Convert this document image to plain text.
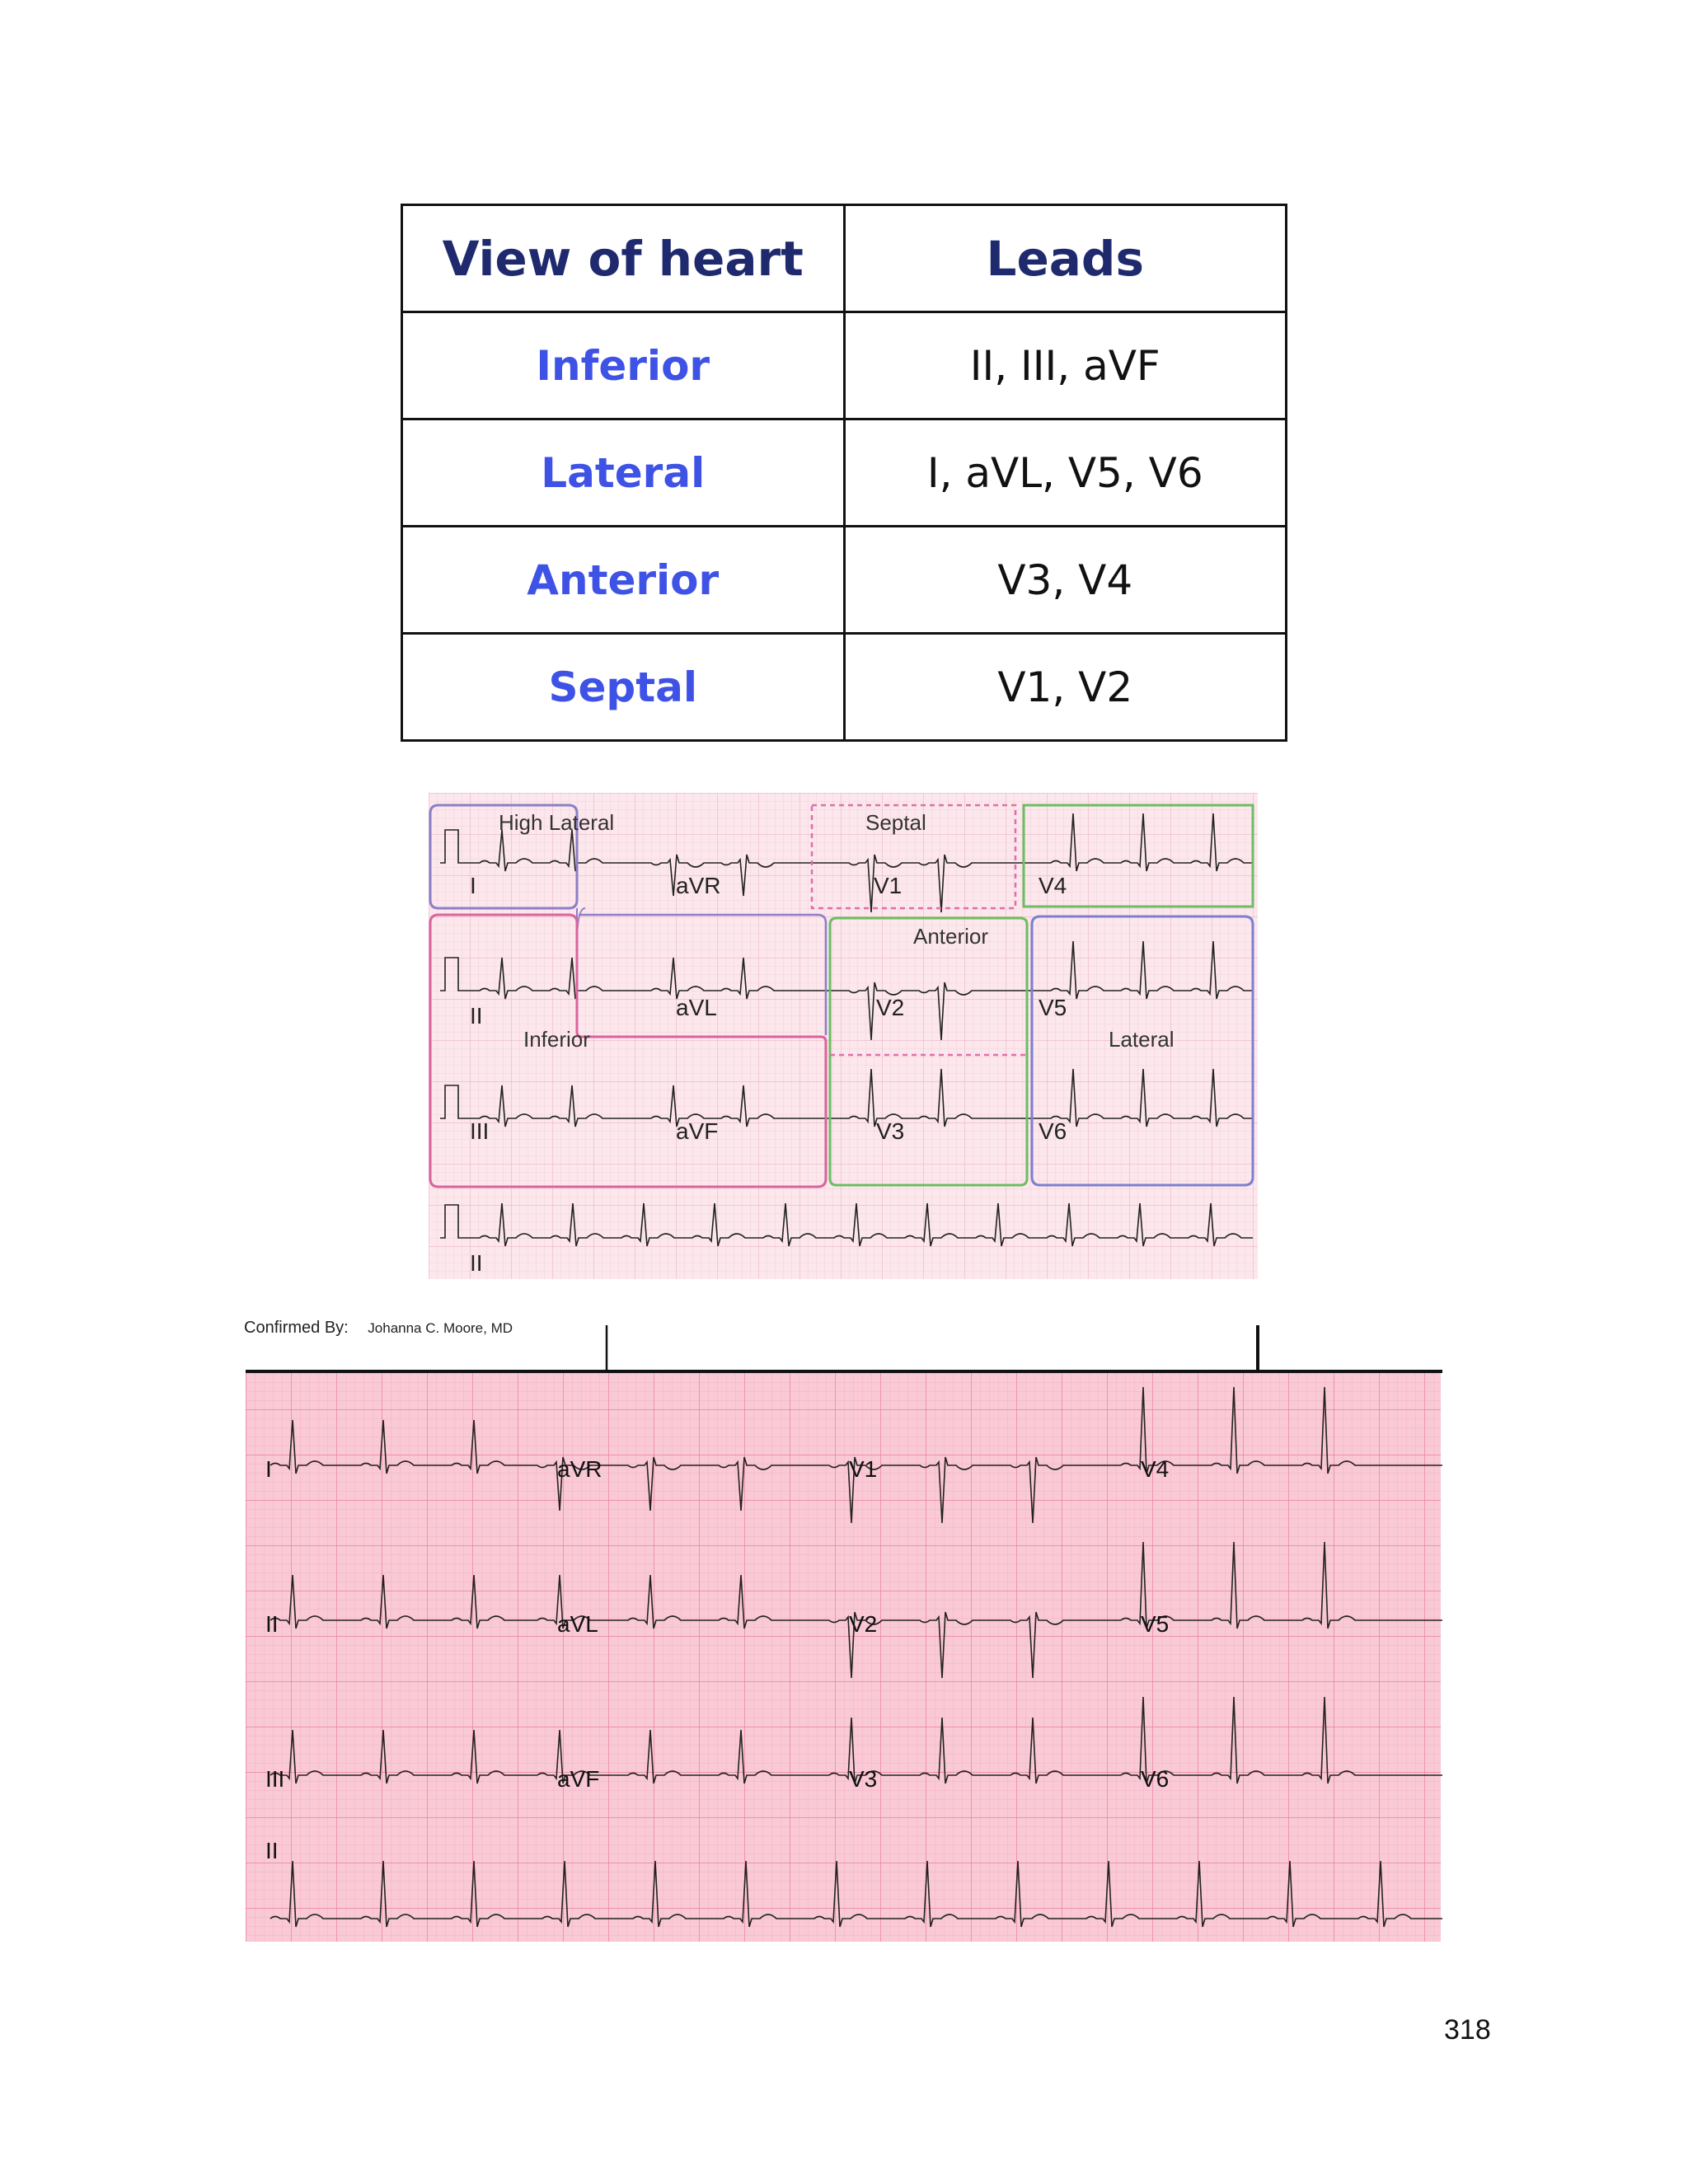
View of heart	Leads
Inferior	II, III, aVF
Lateral	I, aVL, V5, V6
Anterior	V3, V4
Septal	V1, V2
High Lateral	Septal
Anterior
Inferior	Lateral
I	aVR	V1	V4
II	aVL	V2	V5
III	aVF	V3	V6
II
I	aVR	V1	V4
II	aVL	V2	V5
III	aVF	V3	V6
II
Confirmed By: Johanna C. Moore, MD
318
